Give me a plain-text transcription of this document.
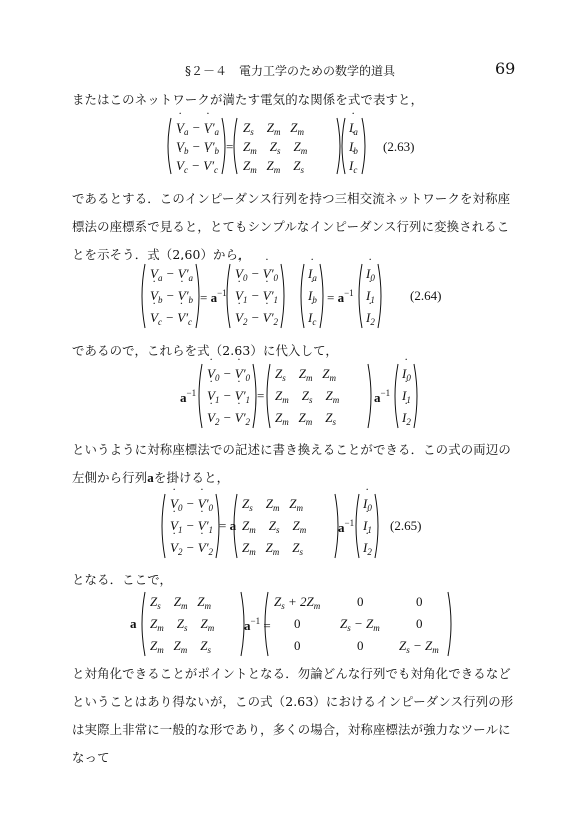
§２－４　電力工学のための数学的道具	69
またはこのネットワークが満たす電気的な関係を式で表すと，
˙ $V_a$ − ˙ $V'_a$
˙ $V_b$ − ˙ $V'_b$
˙ $V_c$ − ˙ $V'_c$
=
$Z_s$    $Z_m$   $Z_m$
$Z_m$    $Z_s$    $Z_m$
$Z_m$   $Z_m$    $Z_s$
˙ $I_a$
˙ $I_b$
˙ $I_c$
(2.63)
であるとする．このインピーダンス行列を持つ三相交流ネットワークを対称座標法の座標系で見ると，とてもシンプルなインピーダンス行列に変換されることを示そう．式（2.60）から，
˙ $V_a$ − ˙ $V'_a$
˙ $V_b$ − ˙ $V'_b$
˙ $V_c$ − ˙ $V'_c$
= $a^{-1}$
˙ $V_0$ − ˙ $V'_0$
˙ $V_1$ − ˙ $V'_1$
˙ $V_2$ − ˙ $V'_2$
˙ $I_a$
˙ $I_b$
˙ $I_c$
= $a^{-1}$
˙ $I_0$
˙ $I_1$
˙ $I_2$
(2.64)
であるので，これらを式（2.63）に代入して，
$a^{-1}$
˙ $V_0$ − ˙ $V'_0$
˙ $V_1$ − ˙ $V'_1$
˙ $V_2$ − ˙ $V'_2$
=
$Z_s$    $Z_m$   $Z_m$
$Z_m$    $Z_s$    $Z_m$
$Z_m$   $Z_m$    $Z_s$
$a^{-1}$
˙ $I_0$
˙ $I_1$
˙ $I_2$
というように対称座標法での記述に書き換えることができる．この式の両辺の左側から行列aを掛けると，
˙ $V_0$ − ˙ $V'_0$
˙ $V_1$ − ˙ $V'_1$
˙ $V_2$ − ˙ $V'_2$
= a
$Z_s$    $Z_m$   $Z_m$
$Z_m$    $Z_s$    $Z_m$
$Z_m$   $Z_m$    $Z_s$
$a^{-1}$
˙ $I_0$
˙ $I_1$
˙ $I_2$
(2.65)
となる．ここで，
a
$Z_s$    $Z_m$   $Z_m$
$Z_m$    $Z_s$    $Z_m$
$Z_m$   $Z_m$    $Z_s$
$a^{-1}$ =
$Z_s + 2Z_m$	0	0
0	$Z_s - Z_m$	0
0	0	$Z_s - Z_m$
と対角化できることがポイントとなる．勿論どんな行列でも対角化できるなどということはあり得ないが，この式（2.63）におけるインピーダンス行列の形は実際上非常に一般的な形であり，多くの場合，対称座標法が強力なツールになって
